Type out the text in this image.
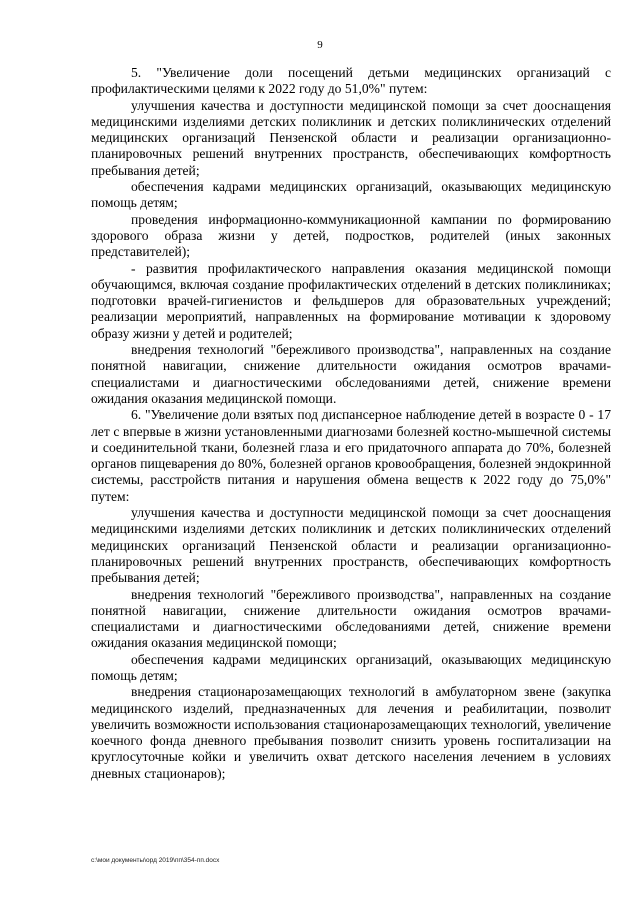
9

5. "Увеличение доли посещений детьми медицинских организаций с профилактическими целями к 2022 году до 51,0%" путем:

улучшения качества и доступности медицинской помощи за счет дооснащения медицинскими изделиями детских поликлиник и детских поликлинических отделений медицинских организаций Пензенской области и реализации организационно-планировочных решений внутренних пространств, обеспечивающих комфортность пребывания детей;

обеспечения кадрами медицинских организаций, оказывающих медицинскую помощь детям;

проведения информационно-коммуникационной кампании по формированию здорового образа жизни у детей, подростков, родителей (иных законных представителей);

- развития профилактического направления оказания медицинской помощи обучающимся, включая создание профилактических отделений в детских поликлиниках; подготовки врачей-гигиенистов и фельдшеров для образовательных учреждений; реализации мероприятий, направленных на формирование мотивации к здоровому образу жизни у детей и родителей;

внедрения технологий "бережливого производства", направленных на создание понятной навигации, снижение длительности ожидания осмотров врачами-специалистами и диагностическими обследованиями детей, снижение времени ожидания оказания медицинской помощи.

6. "Увеличение доли взятых под диспансерное наблюдение детей в возрасте 0 - 17 лет с впервые в жизни установленными диагнозами болезней костно-мышечной системы и соединительной ткани, болезней глаза и его придаточного аппарата до 70%, болезней органов пищеварения до 80%, болезней органов кровообращения, болезней эндокринной системы, расстройств питания и нарушения обмена веществ к 2022 году до 75,0%" путем:

улучшения качества и доступности медицинской помощи за счет дооснащения медицинскими изделиями детских поликлиник и детских поликлинических отделений медицинских организаций Пензенской области и реализации организационно-планировочных решений внутренних пространств, обеспечивающих комфортность пребывания детей;

внедрения технологий "бережливого производства", направленных на создание понятной навигации, снижение длительности ожидания осмотров врачами-специалистами и диагностическими обследованиями детей, снижение времени ожидания оказания медицинской помощи;

обеспечения кадрами медицинских организаций, оказывающих медицинскую помощь детям;

внедрения стационарозамещающих технологий в амбулаторном звене (закупка медицинского изделий, предназначенных для лечения и реабилитации, позволит увеличить возможности использования стационарозамещающих технологий, увеличение коечного фонда дневного пребывания позволит снизить уровень госпитализации на круглосуточные койки и увеличить охват детского населения лечением в условиях дневных стационаров);

c:\мои документы\орд 2019\пп\354-пп.docx
